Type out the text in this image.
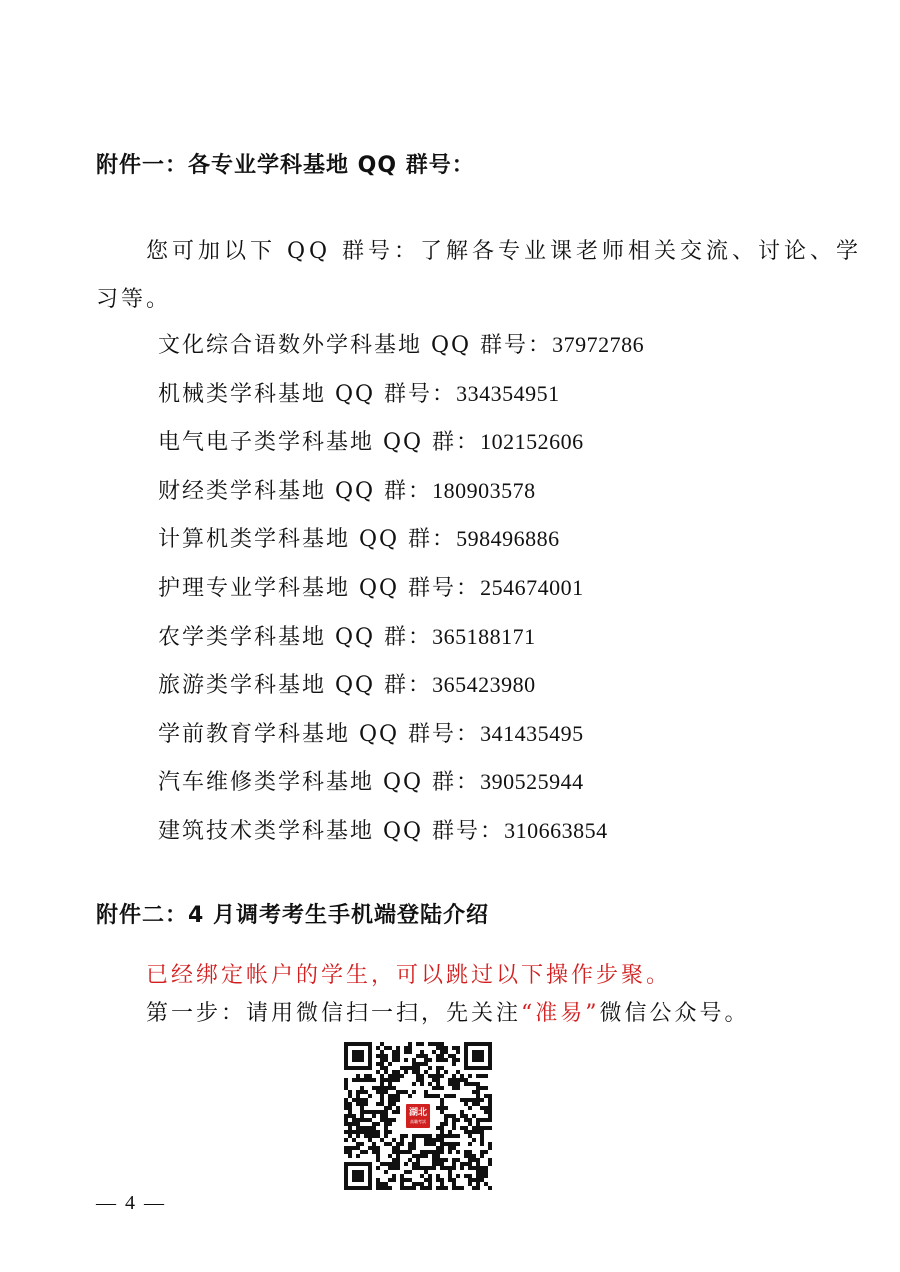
附件一：各专业学科基地 QQ 群号：

您可加以下 QQ 群号：了解各专业课老师相关交流、讨论、学

习等。

文化综合语数外学科基地 QQ 群号：37972786
机械类学科基地 QQ 群号：334354951
电气电子类学科基地 QQ 群：102152606
财经类学科基地 QQ 群：180903578
计算机类学科基地 QQ 群：598496886
护理专业学科基地 QQ 群号：254674001
农学类学科基地 QQ 群：365188171
旅游类学科基地 QQ 群：365423980
学前教育学科基地 QQ 群号：341435495
汽车维修类学科基地 QQ 群：390525944
建筑技术类学科基地 QQ 群号：310663854
附件二：4 月调考考生手机端登陆介绍

已经绑定帐户的学生，可以跳过以下操作步聚。

第一步：请用微信扫一扫，先关注“准易”微信公众号。

湖北
高職考試
— 4 —
